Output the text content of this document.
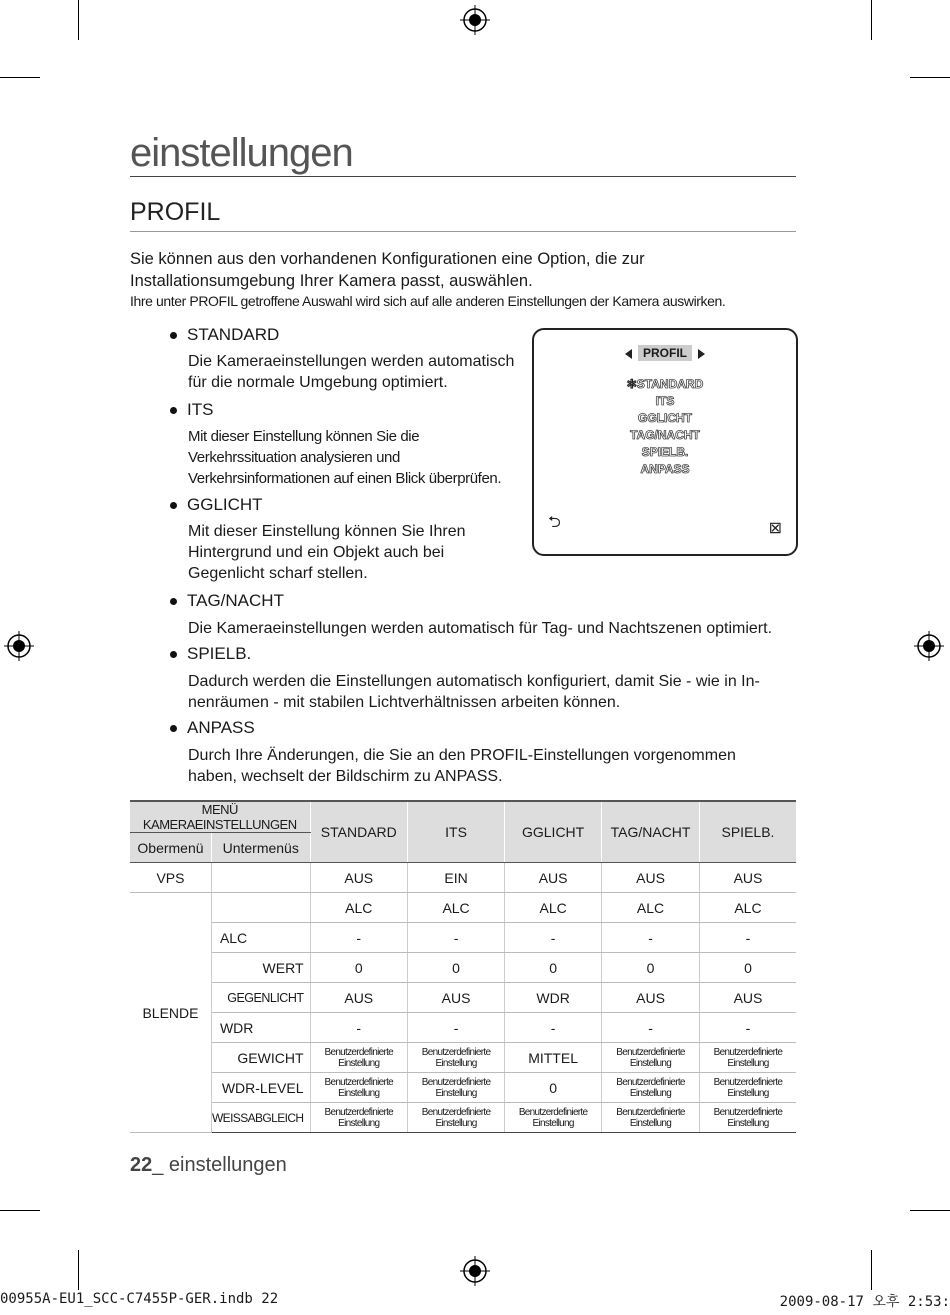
einstellungen
PROFIL
Sie können aus den vorhandenen Konfigurationen eine Option, die zur Installationsumgebung Ihrer Kamera passt, auswählen.
Ihre unter PROFIL getroffene Auswahl wird sich auf alle anderen Einstellungen der Kamera auswirken.
STANDARD
Die Kameraeinstellungen werden automatisch für die normale Umgebung optimiert.
ITS
Mit dieser Einstellung können Sie die Verkehrssituation analysieren und Verkehrsinformationen auf einen Blick überprüfen.
GGLICHT
Mit dieser Einstellung können Sie Ihren Hintergrund und ein Objekt auch bei Gegenlicht scharf stellen.
TAG/NACHT
Die Kameraeinstellungen werden automatisch für Tag- und Nachtszenen optimiert.
SPIELB.
Dadurch werden die Einstellungen automatisch konfiguriert, damit Sie - wie in In-nenräumen - mit stabilen Lichtverhältnissen arbeiten können.
ANPASS
Durch Ihre Änderungen, die Sie an den PROFIL-Einstellungen vorgenommen haben, wechselt der Bildschirm zu ANPASS.
PROFIL
✲STANDARD
ITS
GGLICHT
TAG/NACHT
SPIELB.
ANPASS
⮌	⊠
MENÜ KAMERAEINSTELLUNGEN		STANDARD	ITS	GGLICHT	TAG/NACHT	SPIELB.
Obermenü	Untermenüs					
VPS		AUS	EIN	AUS	AUS	AUS
BLENDE		ALC	ALC	ALC	ALC	ALC
	ALC	-	-	-	-	-
	WERT	0	0	0	0	0
	GEGENLICHT	AUS	AUS	WDR	AUS	AUS
	WDR	-	-	-	-	-
	GEWICHT	Benutzerdefinierte Einstellung	Benutzerdefinierte Einstellung	MITTEL	Benutzerdefinierte Einstellung	Benutzerdefinierte Einstellung
	WDR-LEVEL	Benutzerdefinierte Einstellung	Benutzerdefinierte Einstellung	0	Benutzerdefinierte Einstellung	Benutzerdefinierte Einstellung
	WEISSABGLEICH	Benutzerdefinierte Einstellung	Benutzerdefinierte Einstellung	Benutzerdefinierte Einstellung	Benutzerdefinierte Einstellung	Benutzerdefinierte Einstellung
22_ einstellungen
00955A-EU1_SCC-C7455P-GER.indb 22	2009-08-17 오후 2:53:
